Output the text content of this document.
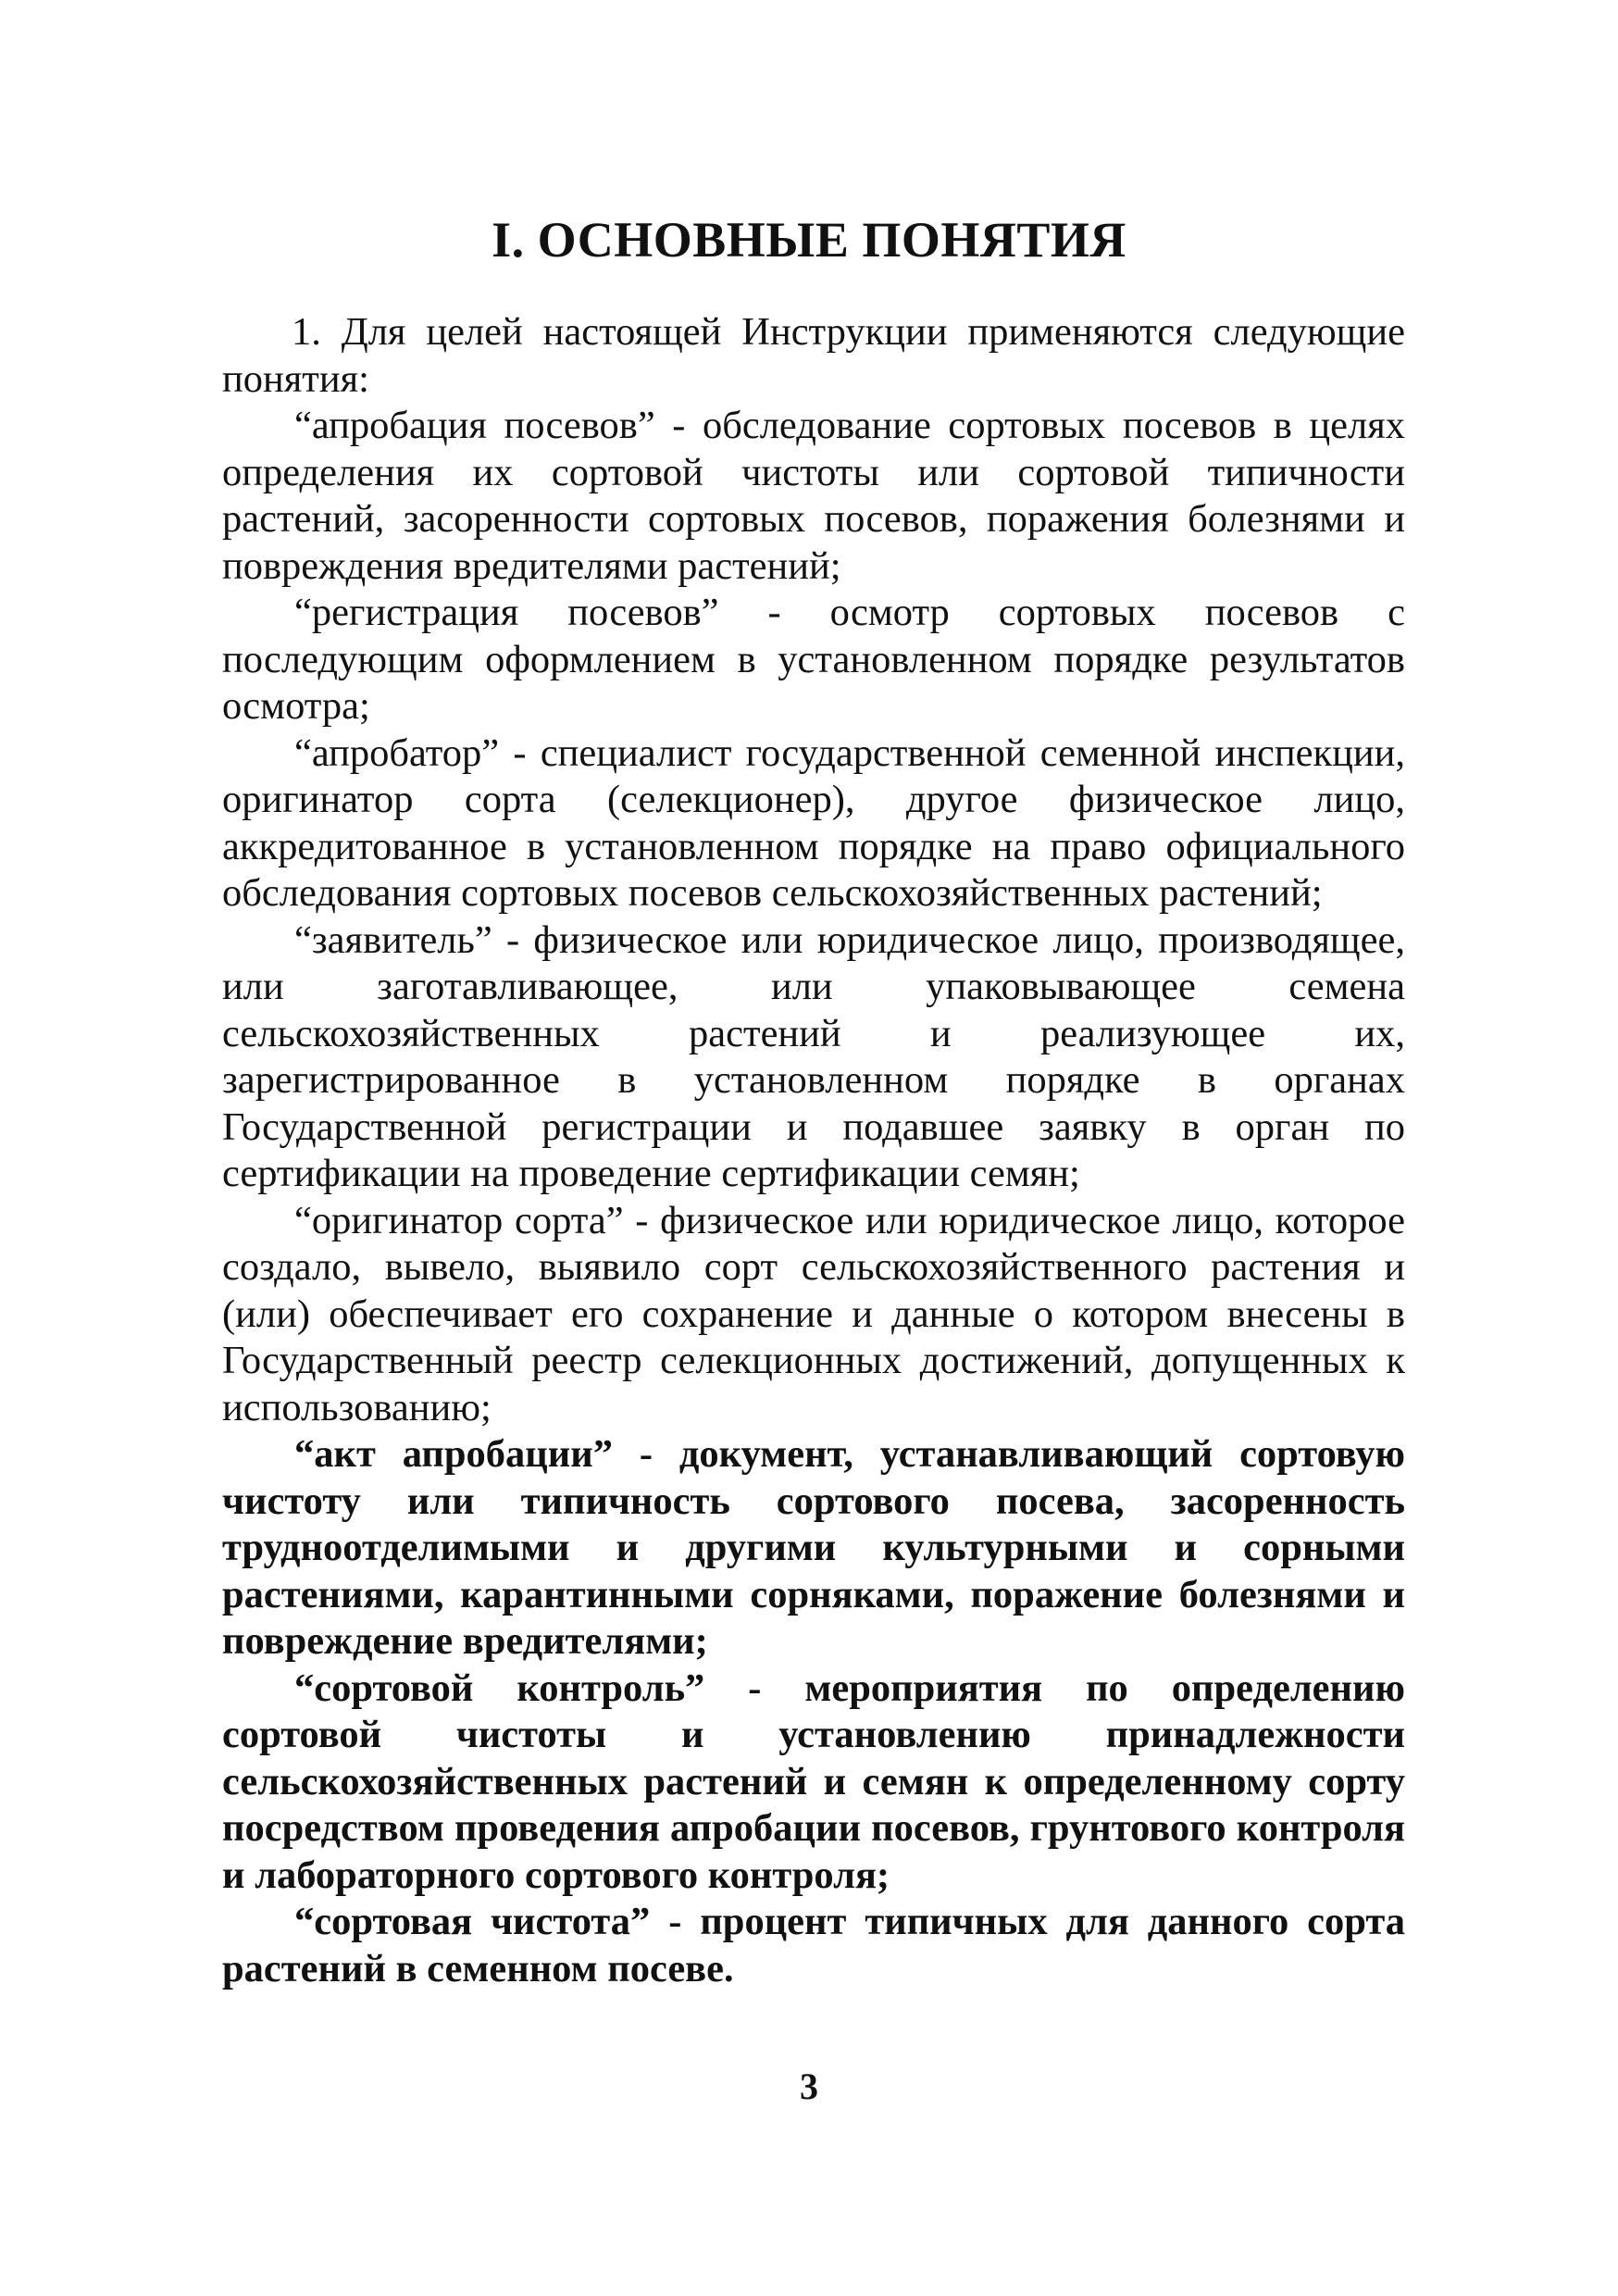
I. ОСНОВНЫЕ ПОНЯТИЯ

1. Для целей настоящей Инструкции применяются следующие понятия:

“апробация посевов” - обследование сортовых посевов в целях определения их сортовой чистоты или сортовой типичности растений, засоренности сортовых посевов, поражения болезнями и повреждения вредителями растений;

“регистрация посевов” - осмотр сортовых посевов с последующим оформлением в установленном порядке результатов осмотра;

“апробатор” - специалист государственной семенной инспекции, оригинатор сорта (селекционер), другое физическое лицо, аккредитованное в установленном порядке на право официального обследования сортовых посевов сельскохозяйственных растений;

“заявитель” - физическое или юридическое лицо, производящее, или заготавливающее, или упаковывающее семена сельскохозяйственных растений и реализующее их, зарегистрированное в установленном порядке в органах Государственной регистрации и подавшее заявку в орган по сертификации на проведение сертификации семян;

“оригинатор сорта” - физическое или юридическое лицо, которое создало, вывело, выявило сорт сельскохозяйственного растения и (или) обеспечивает его сохранение и данные о котором внесены в Государственный реестр селекционных достижений, допущенных к использованию;

“акт апробации” - документ, устанавливающий сортовую чистоту или типичность сортового посева, засоренность трудноотделимыми и другими культурными и сорными растениями, карантинными сорняками, поражение болезнями и повреждение вредителями;

“сортовой контроль” - мероприятия по определению сортовой чистоты и установлению принадлежности сельскохозяйственных растений и семян к определенному сорту посредством проведения апробации посевов, грунтового контроля и лабораторного сортового контроля;

“сортовая чистота” - процент типичных для данного сорта растений в семенном посеве.

3
